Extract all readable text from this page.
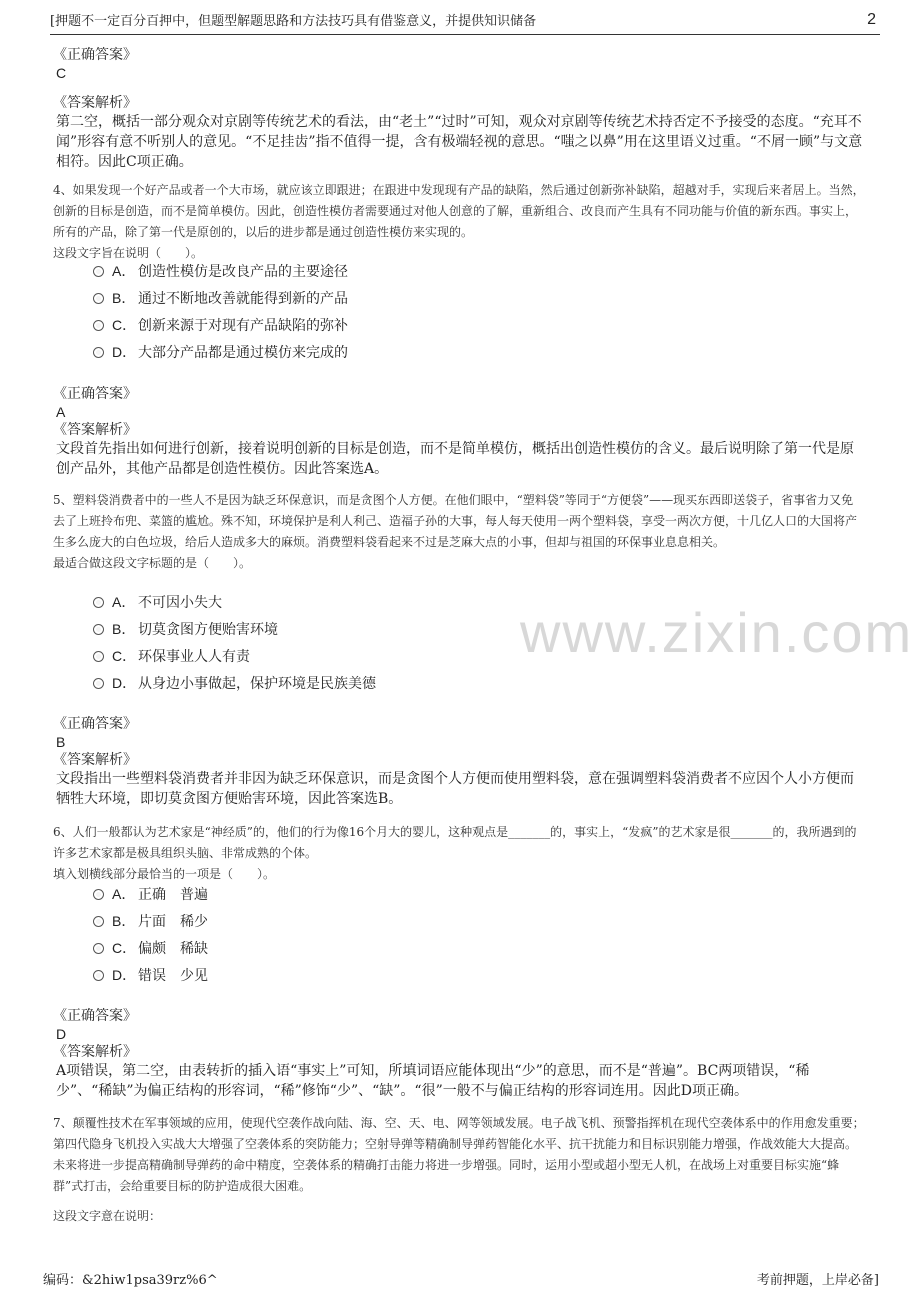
[押题不一定百分百押中，但题型解题思路和方法技巧具有借鉴意义，并提供知识储备	2
www.zixin.com
《正确答案》
C
《答案解析》
第二空，概括一部分观众对京剧等传统艺术的看法，由“老土”“过时”可知，观众对京剧等传统艺术持否定不予接受的态度。“充耳不闻”形容有意不听别人的意见。“不足挂齿”指不值得一提，含有极端轻视的意思。“嗤之以鼻”用在这里语义过重。“不屑一顾”与文意相符。因此C项正确。
4、如果发现一个好产品或者一个大市场，就应该立即跟进；在跟进中发现现有产品的缺陷，然后通过创新弥补缺陷，超越对手，实现后来者居上。当然，创新的目标是创造，而不是简单模仿。因此，创造性模仿者需要通过对他人创意的了解，重新组合、改良而产生具有不同功能与价值的新东西。事实上，所有的产品，除了第一代是原创的，以后的进步都是通过创造性模仿来实现的。
这段文字旨在说明（　　）。
A． 创造性模仿是改良产品的主要途径
B． 通过不断地改善就能得到新的产品
C． 创新来源于对现有产品缺陷的弥补
D． 大部分产品都是通过模仿来完成的
《正确答案》
A
《答案解析》
文段首先指出如何进行创新，接着说明创新的目标是创造，而不是简单模仿，概括出创造性模仿的含义。最后说明除了第一代是原创产品外，其他产品都是创造性模仿。因此答案选A。
5、塑料袋消费者中的一些人不是因为缺乏环保意识，而是贪图个人方便。在他们眼中，“塑料袋”等同于“方便袋”——现买东西即送袋子，省事省力又免去了上班拎布兜、菜篮的尴尬。殊不知，环境保护是利人利己、造福子孙的大事，每人每天使用一两个塑料袋，享受一两次方便，十几亿人口的大国将产生多么庞大的白色垃圾，给后人造成多大的麻烦。消费塑料袋看起来不过是芝麻大点的小事，但却与祖国的环保事业息息相关。
最适合做这段文字标题的是（　　）。
A． 不可因小失大
B． 切莫贪图方便贻害环境
C． 环保事业人人有责
D． 从身边小事做起，保护环境是民族美德
《正确答案》
B
《答案解析》
文段指出一些塑料袋消费者并非因为缺乏环保意识，而是贪图个人方便而使用塑料袋，意在强调塑料袋消费者不应因个人小方便而牺牲大环境，即切莫贪图方便贻害环境，因此答案选B。
6、人们一般都认为艺术家是“神经质”的，他们的行为像16个月大的婴儿，这种观点是_______的，事实上，“发疯”的艺术家是很_______的，我所遇到的许多艺术家都是极具组织头脑、非常成熟的个体。
填入划横线部分最恰当的一项是（　　）。
A． 正确　普遍
B． 片面　稀少
C． 偏颇　稀缺
D． 错误　少见
《正确答案》
D
《答案解析》
A项错误，第二空，由表转折的插入语“事实上”可知，所填词语应能体现出“少”的意思，而不是“普遍”。BC两项错误，“稀少”、“稀缺”为偏正结构的形容词，“稀”修饰“少”、“缺”。“很”一般不与偏正结构的形容词连用。因此D项正确。
7、颠覆性技术在军事领域的应用，使现代空袭作战向陆、海、空、天、电、网等领域发展。电子战飞机、预警指挥机在现代空袭体系中的作用愈发重要；第四代隐身飞机投入实战大大增强了空袭体系的突防能力；空射导弹等精确制导弹药智能化水平、抗干扰能力和目标识别能力增强，作战效能大大提高。未来将进一步提高精确制导弹药的命中精度，空袭体系的精确打击能力将进一步增强。同时，运用小型或超小型无人机，在战场上对重要目标实施“蜂群”式打击，会给重要目标的防护造成很大困难。
这段文字意在说明：
编码：&2hiw1psa39rz%6^	考前押题，上岸必备]
